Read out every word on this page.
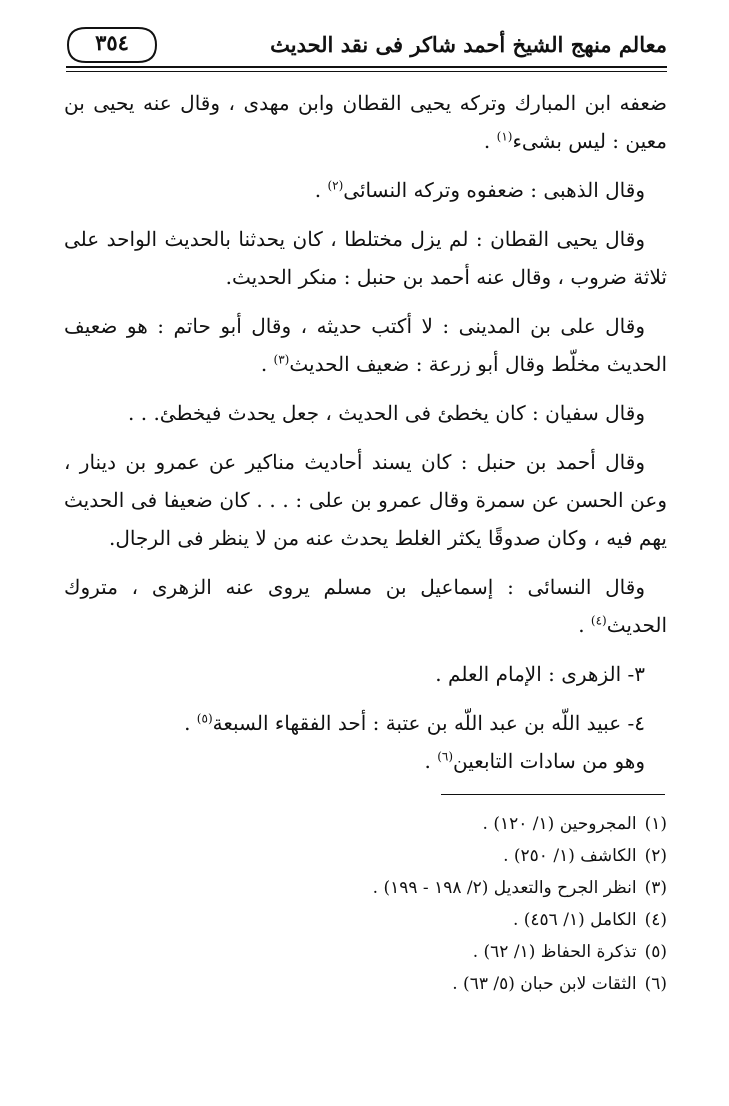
معالم منهج الشيخ أحمد شاكر فى نقد الحديث
٣٥٤

ضعفه ابن المبارك وتركه يحيى القطان وابن مهدى ، وقال عنه يحيى بن معين : ليس بشىء$^{(١)}$ .

وقال الذهبى : ضعفوه وتركه النسائى$^{(٢)}$ .

وقال يحيى القطان : لم يزل مختلطا ، كان يحدثنا بالحديث الواحد على ثلاثة ضروب ، وقال عنه أحمد بن حنبل : منكر الحديث.

وقال على بن المدينى : لا أكتب حديثه ، وقال أبو حاتم : هو ضعيف الحديث مخلّط وقال أبو زرعة : ضعيف الحديث$^{(٣)}$ .

وقال سفيان : كان يخطئ فى الحديث ، جعل يحدث فيخطئ. . .

وقال أحمد بن حنبل : كان يسند أحاديث مناكير عن عمرو بن دينار ، وعن الحسن عن سمرة وقال عمرو بن على : . . . كان ضعيفا فى الحديث يهم فيه ، وكان صدوقًا يكثر الغلط يحدث عنه من لا ينظر فى الرجال.

وقال النسائى : إسماعيل بن مسلم يروى عنه الزهرى ، متروك الحديث$^{(٤)}$ .

٣- الزهرى : الإمام العلم .

٤- عبيد اللّه بن عبد اللّه بن عتبة : أحد الفقهاء السبعة$^{(٥)}$ .

وهو من سادات التابعين$^{(٦)}$ .

(١)المجروحين (١/ ١٢٠) .
(٢)الكاشف (١/ ٢٥٠) .
(٣)انظر الجرح والتعديل (٢/ ١٩٨ - ١٩٩) .
(٤)الكامل (١/ ٤٥٦) .
(٥)تذكرة الحفاظ (١/ ٦٢) .
(٦)الثقات لابن حبان (٥/ ٦٣) .
